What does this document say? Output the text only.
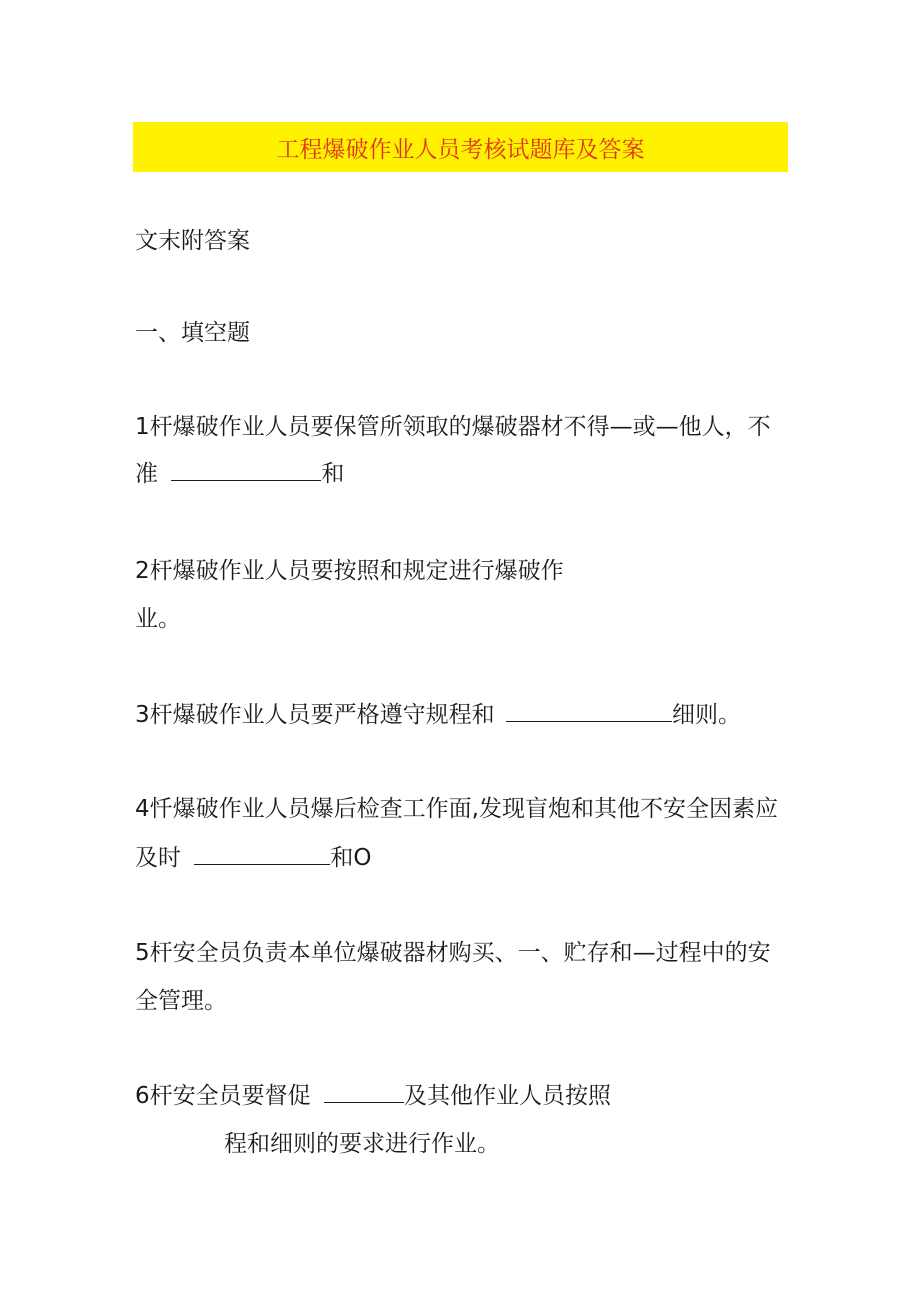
工程爆破作业人员考核试题库及答案
文末附答案
一、填空题
1杆爆破作业人员要保管所领取的爆破器材不得—或—他人，不
准	和
2杆爆破作业人员要按照和规定进行爆破作
业。
3杆爆破作业人员要严格遵守规程和	细则。
4忏爆破作业人员爆后检查工作面,发现盲炮和其他不安全因素应
及时	和O
5杆安全员负责本单位爆破器材购买、一、贮存和—过程中的安
全管理。
6杆安全员要督促	及其他作业人员按照
程和细则的要求进行作业。
